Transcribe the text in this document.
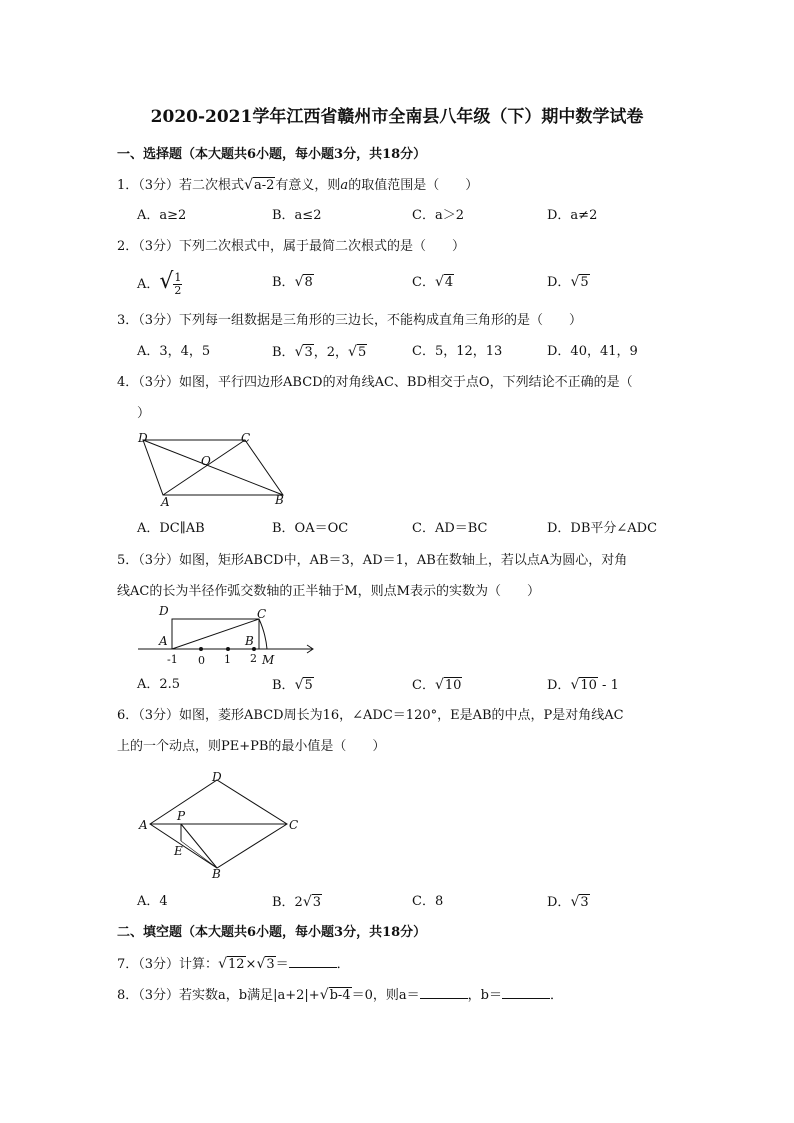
2020-2021学年江西省赣州市全南县八年级（下）期中数学试卷
一、选择题（本大题共6小题，每小题3分，共18分）
1．（3分）若二次根式√a-2有意义，则a的取值范围是（　　）
A．a≥2	B．a≤2	C．a＞2	D．a≠2
2．（3分）下列二次根式中，属于最简二次根式的是（　　）
A．√ $\frac{1}{2}$	B．√8	C．√4	D．√5
3．（3分）下列每一组数据是三角形的三边长，不能构成直角三角形的是（　　）
A．3，4，5	B．√3，2，√5	C．5，12，13	D．40，41，9
4．（3分）如图，平行四边形ABCD的对角线AC、BD相交于点O，下列结论不正确的是（
）
D	C
O
A	B
A．DC∥AB	B．OA＝OC	C．AD＝BC	D．DB平分∠ADC
5．（3分）如图，矩形ABCD中，AB＝3，AD＝1，AB在数轴上，若以点A为圆心，对角
线AC的长为半径作弧交数轴的正半轴于M，则点M表示的实数为（　　）
D	C
A	B
M
-1 0 1 2
A．2.5	B．√5	C．√10	D．√10 - 1
6．（3分）如图，菱形ABCD周长为16，∠ADC＝120°，E是AB的中点，P是对角线AC
上的一个动点，则PE+PB的最小值是（　　）
D
A
P
C
E
B
A．4	B．2√3	C．8	D．√3
二、填空题（本大题共6小题，每小题3分，共18分）
7．（3分）计算：√12×√3＝	．
8．（3分）若实数a，b满足|a+2|+√b-4＝0，则a＝	，b＝	．
